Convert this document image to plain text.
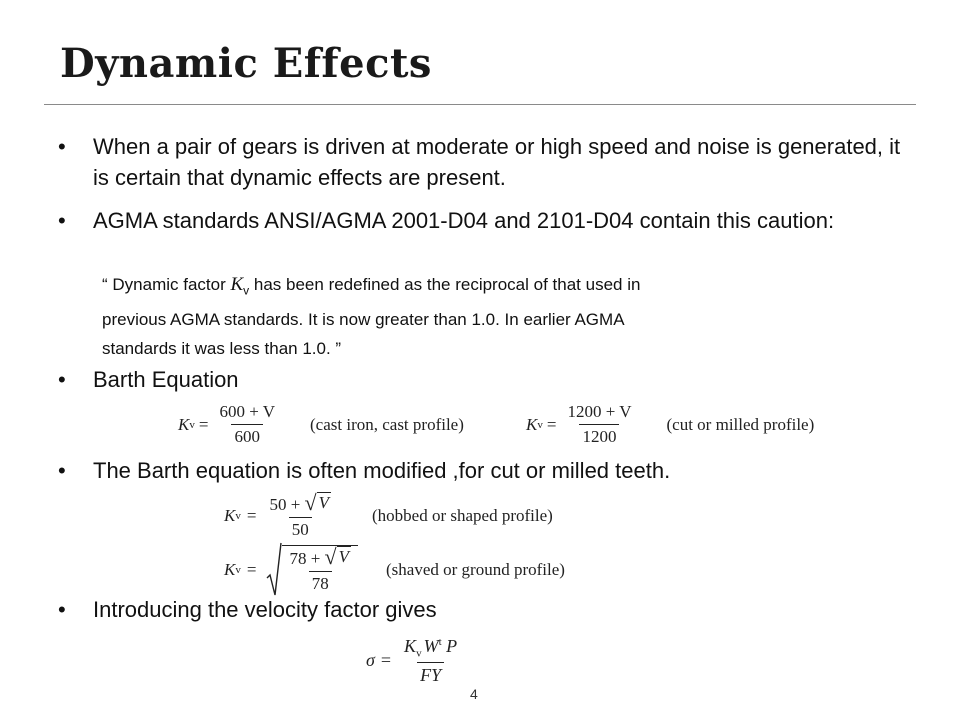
Dynamic Effects
•	When a pair of gears is driven at moderate or high speed and noise is generated, it is certain that dynamic effects are present.
•	AGMA standards ANSI/AGMA 2001-D04 and 2101-D04 contain this caution:
“ Dynamic factor $K_v$ has been redefined as the reciprocal of that used in
previous AGMA standards. It is now greater than 1.0. In earlier AGMA
standards it was less than 1.0. ”
•	Barth Equation
K $v = \frac{600 + V}{600}$ (cast iron, cast profile)	K $v = \frac{1200 + V}{1200} (cut$ or milled profile)
•	The Barth equation is often modified ,for cut or milled teeth.
K $v = \frac{50 + √ V}{50}$ (hobbed or shaped profile)
K $v = \frac{78 + √ V}{78}$ (shaved or ground profile)
•	Introducing the velocity factor gives
$\sigma = \frac{K_v W^t P}{FY}$
4
